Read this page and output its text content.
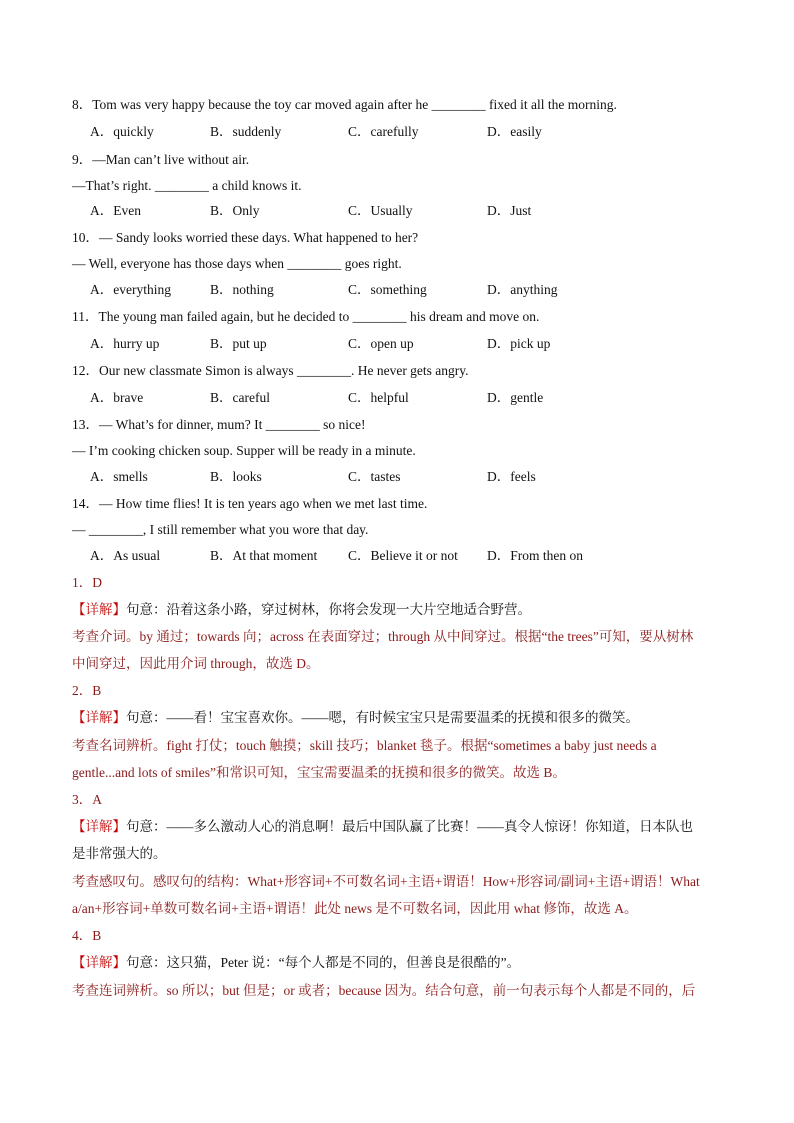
8．Tom was very happy because the toy car moved again after he ________ fixed it all the morning.
A．quickly	B．suddenly	C．carefully	D．easily
9．—Man can’t live without air.
—That’s right. ________ a child knows it.
A．Even	B．Only	C．Usually	D．Just
10．— Sandy looks worried these days. What happened to her?
— Well, everyone has those days when ________ goes right.
A．everything	B．nothing	C．something	D．anything
11．The young man failed again, but he decided to ________ his dream and move on.
A．hurry up	B．put up	C．open up	D．pick up
12．Our new classmate Simon is always ________. He never gets angry.
A．brave	B．careful	C．helpful	D．gentle
13．— What’s for dinner, mum? It ________ so nice!
— I’m cooking chicken soup. Supper will be ready in a minute.
A．smells	B．looks	C．tastes	D．feels
14．— How time flies! It is ten years ago when we met last time.
— ________, I still remember what you wore that day.
A．As usual	B．At that moment C．Believe it or not D．From then on
1．D
【详解】句意：沿着这条小路，穿过树林，你将会发现一大片空地适合野营。
考查介词。by 通过；towards 向；across 在表面穿过；through 从中间穿过。根据“the trees”可知，要从树林
中间穿过，因此用介词 through，故选 D。
2．B
【详解】句意：——看！宝宝喜欢你。——嗯，有时候宝宝只是需要温柔的抚摸和很多的微笑。
考查名词辨析。fight 打仗；touch 触摸；skill 技巧；blanket 毯子。根据“sometimes a baby just needs a
gentle...and lots of smiles”和常识可知，宝宝需要温柔的抚摸和很多的微笑。故选 B。
3．A
【详解】句意：——多么激动人心的消息啊！最后中国队赢了比赛！——真令人惊讶！你知道，日本队也
是非常强大的。
考查感叹句。感叹句的结构：What+形容词+不可数名词+主语+谓语！How+形容词/副词+主语+谓语！What
a/an+形容词+单数可数名词+主语+谓语！此处 news 是不可数名词，因此用 what 修饰，故选 A。
4．B
【详解】句意：这只猫，Peter 说：“每个人都是不同的，但善良是很酷的”。
考查连词辨析。so 所以；but 但是；or 或者；because 因为。结合句意，前一句表示每个人都是不同的，后
